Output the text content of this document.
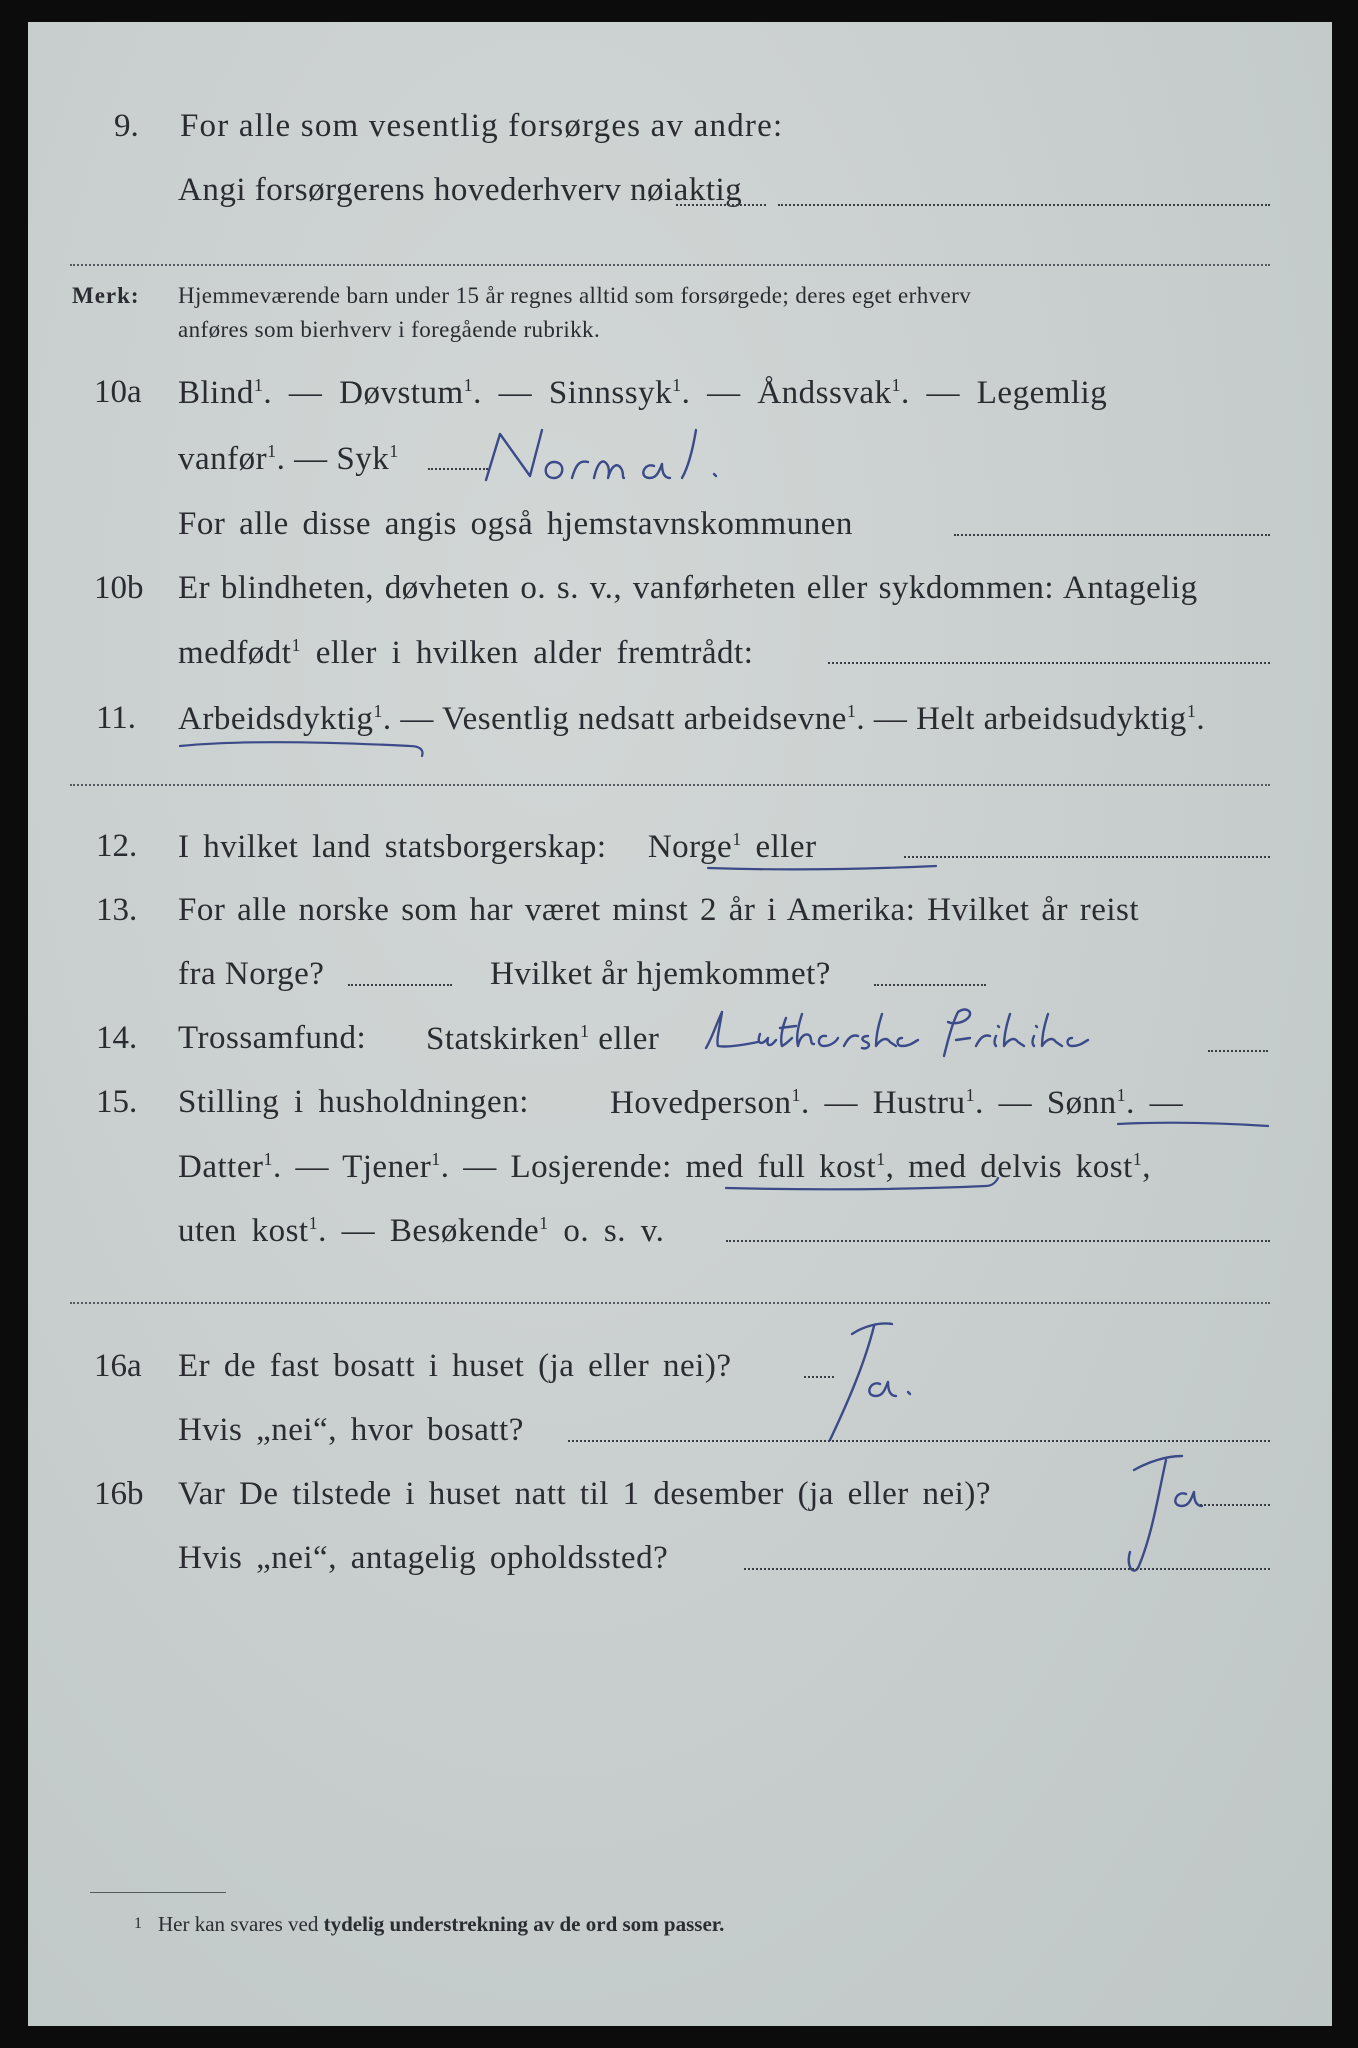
9. For alle som vesentlig forsørges av andre:
Angi forsørgerens hovederhverv nøiaktig
Merk: Hjemmeværende barn under 15 år regnes alltid som forsørgede; deres eget erhverv
anføres som bierhverv i foregående rubrikk.
10a Blind$^1$. — Døvstum$^1$. — Sinnssyk$^1$. — Åndssvak$^1$. — Legemlig
vanfør$^1$. — Syk$^1$
For alle disse angis også hjemstavnskommunen
10b Er blindheten, døvheten o. s. v., vanførheten eller sykdommen: Antagelig
medfødt$^1$ eller i hvilken alder fremtrådt:
11. Arbeidsdyktig$^1$. — Vesentlig nedsatt arbeidsevne$^1$. — Helt arbeidsudyktig$^1$.
12. I hvilket land statsborgerskap: Norge$^1$ eller
13. For alle norske som har været minst 2 år i Amerika: Hvilket år reist
fra Norge?	Hvilket år hjemkommet?
14. Trossamfund: Statskirken$^1$ eller
15. Stilling i husholdningen: Hovedperson$^1$. — Hustru$^1$. — Sønn$^1$. —
Datter$^1$. — Tjener$^1$. — Losjerende: med full kost$^1$, med delvis kost$^1$,
uten kost$^1$. — Besøkende$^1$ o. s. v.
16a Er de fast bosatt i huset (ja eller nei)?
Hvis „nei“, hvor bosatt?
16b Var De tilstede i huset natt til 1 desember (ja eller nei)?
Hvis „nei“, antagelig opholdssted?
1 Her kan svares ved tydelig understrekning av de ord som passer.
